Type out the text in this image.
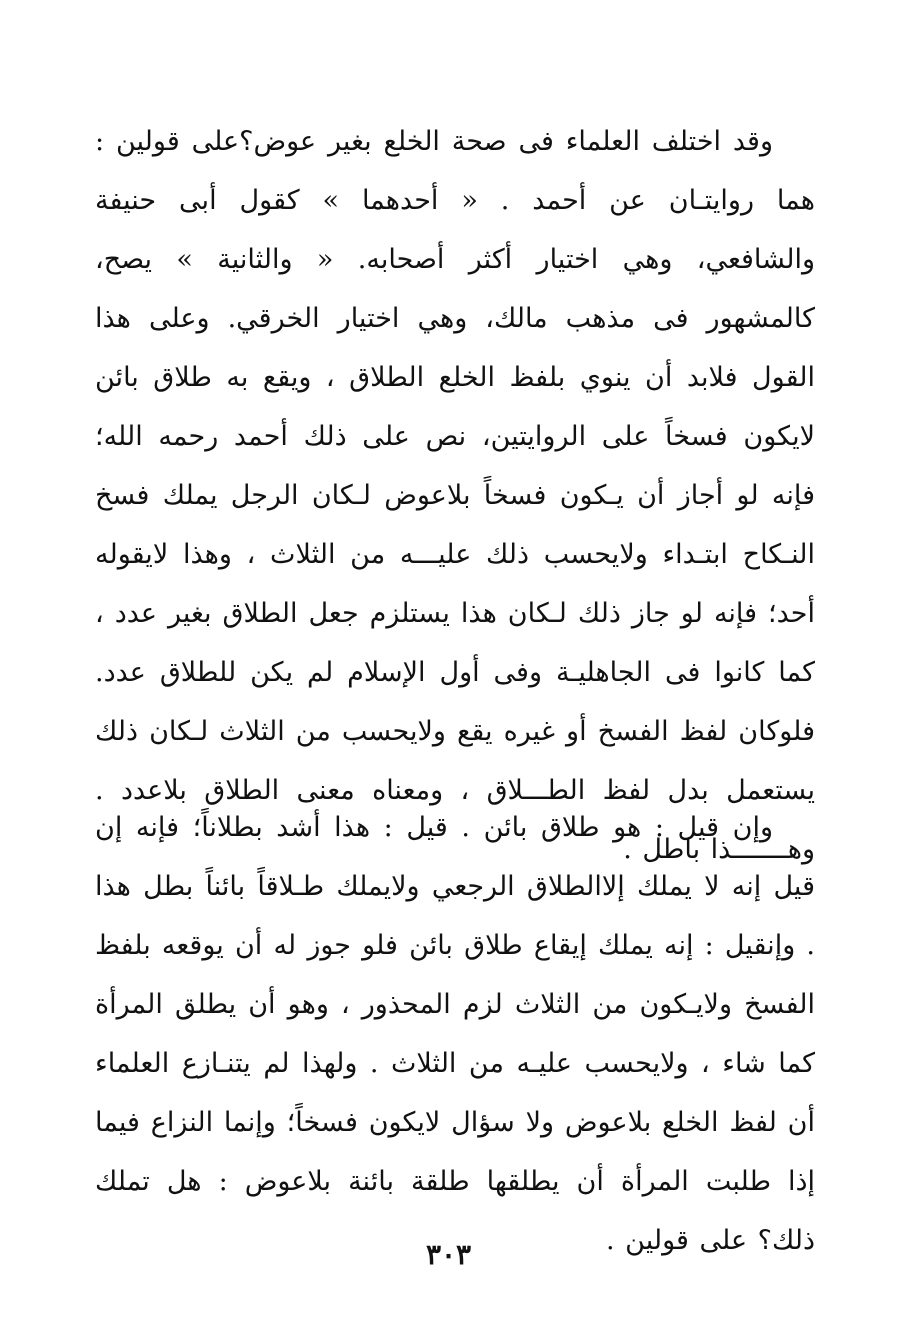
وقد اختلف العلماء فى صحة الخلع بغير عوض؟على قولين : هما روايتـان عن أحمد . « أحدهما » كقول أبى حنيفة والشافعي، وهي اختيار أكثر أصحابه. « والثانية » يصح، كالمشهور فى مذهب مالك، وهي اختيار الخرقي. وعلى هذا القول فلابد أن ينوي بلفظ الخلع الطلاق ، ويقع به طلاق بائن لايكون فسخاً على الروايتين، نص على ذلك أحمد رحمه الله؛ فإنه لو أجاز أن يـكون فسخاً بلاعوض لـكان الرجل يملك فسخ النـكاح ابتـداء ولايحسب ذلك عليـــه من الثلاث ، وهذا لايقوله أحد؛ فإنه لو جاز ذلك لـكان هذا يستلزم جعل الطلاق بغير عدد ، كما كانوا فى الجاهليـة وفى أول الإسلام لم يكن للطلاق عدد. فلوكان لفظ الفسخ أو غيره يقع ولايحسب من الثلاث لـكان ذلك يستعمل بدل لفظ الطـــلاق ، ومعناه معنى الطلاق بلاعدد . وهـــــــذا باطل .

وإن قيل : هو طلاق بائن . قيل : هذا أشد بطلاناً؛ فإنه إن قيل إنه لا يملك إلاالطلاق الرجعي ولايملك طـلاقاً بائناً بطل هذا . وإنقيل : إنه يملك إيقاع طلاق بائن فلو جوز له أن يوقعه بلفظ الفسخ ولايـكون من الثلاث لزم المحذور ، وهو أن يطلق المرأة كما شاء ، ولايحسب عليـه من الثلاث . ولهذا لم يتنـازع العلماء أن لفظ الخلع بلاعوض ولا سؤال لايكون فسخاً؛ وإنما النزاع فيما إذا طلبت المرأة أن يطلقها طلقة بائنة بلاعوض : هل تملك ذلك؟ على قولين .

٣٠٣
